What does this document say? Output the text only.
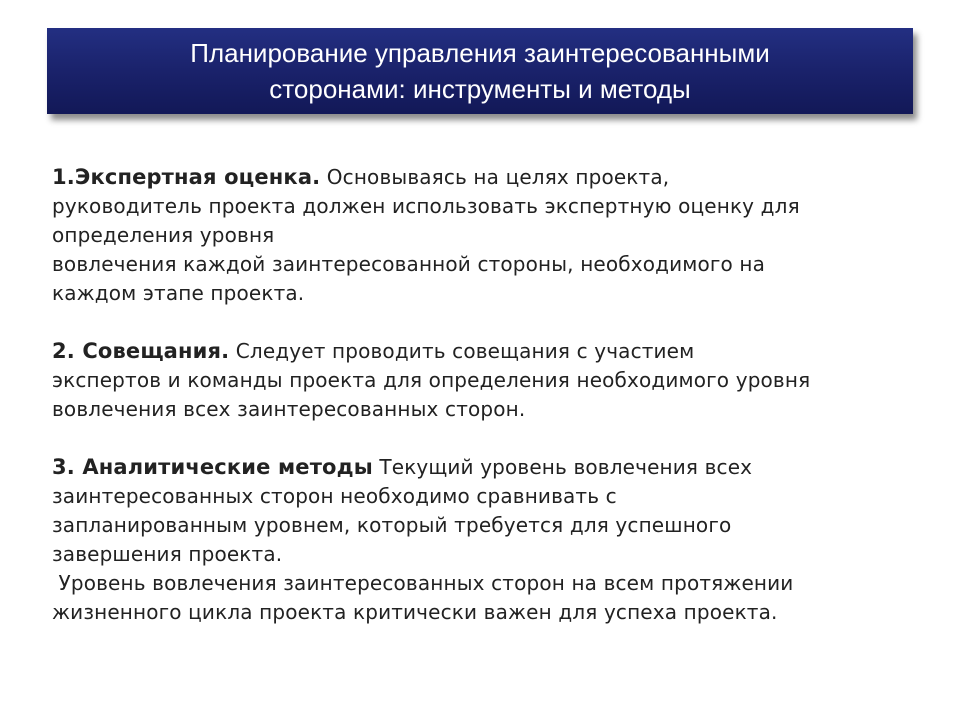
Планирование управления заинтересованными
сторонами: инструменты и методы
1.Экспертная оценка. Основываясь на целях проекта,
руководитель проекта должен использовать экспертную оценку для
определения уровня
вовлечения каждой заинтересованной стороны, необходимого на
каждом этапе проекта.
2. Совещания. Следует проводить совещания с участием
экспертов и команды проекта для определения необходимого уровня
вовлечения всех заинтересованных сторон.
3. Аналитические методы Текущий уровень вовлечения всех
заинтересованных сторон необходимо сравнивать с
запланированным уровнем, который требуется для успешного
завершения проекта.
Уровень вовлечения заинтересованных сторон на всем протяжении
жизненного цикла проекта критически важен для успеха проекта.
